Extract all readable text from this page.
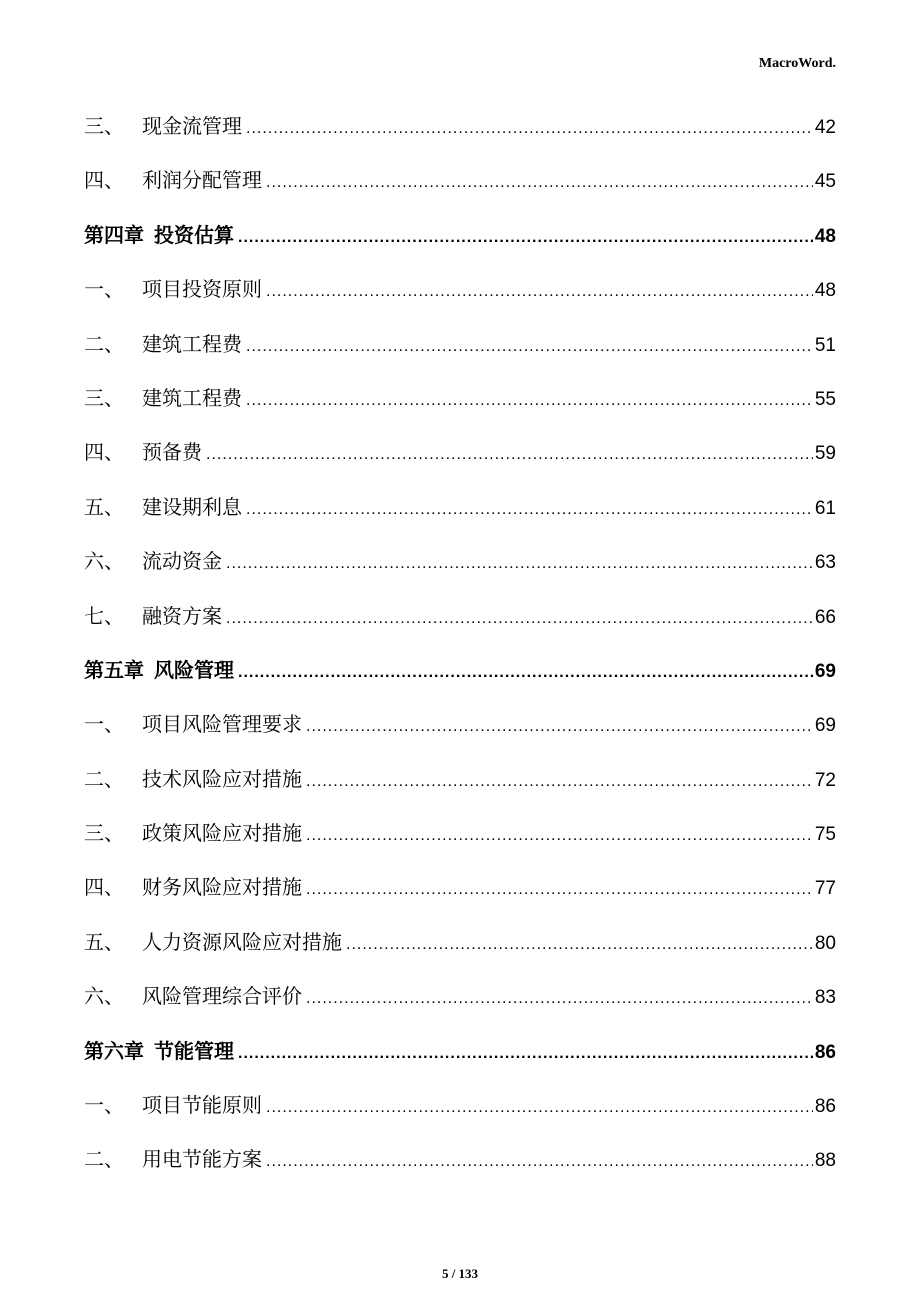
MacroWord.
三、 现金流管理 .....	42
四、 利润分配管理 .....	45
第四章 投资估算 .....	48
一、 项目投资原则 .....	48
二、 建筑工程费 .....	51
三、 建筑工程费 .....	55
四、 预备费 .....	59
五、 建设期利息 .....	61
六、 流动资金 .....	63
七、 融资方案 .....	66
第五章 风险管理 .....	69
一、 项目风险管理要求 .....	69
二、 技术风险应对措施 .....	72
三、 政策风险应对措施 .....	75
四、 财务风险应对措施 .....	77
五、 人力资源风险应对措施 .....	80
六、 风险管理综合评价 .....	83
第六章 节能管理 .....	86
一、 项目节能原则 .....	86
二、 用电节能方案 .....	88
5 / 133
